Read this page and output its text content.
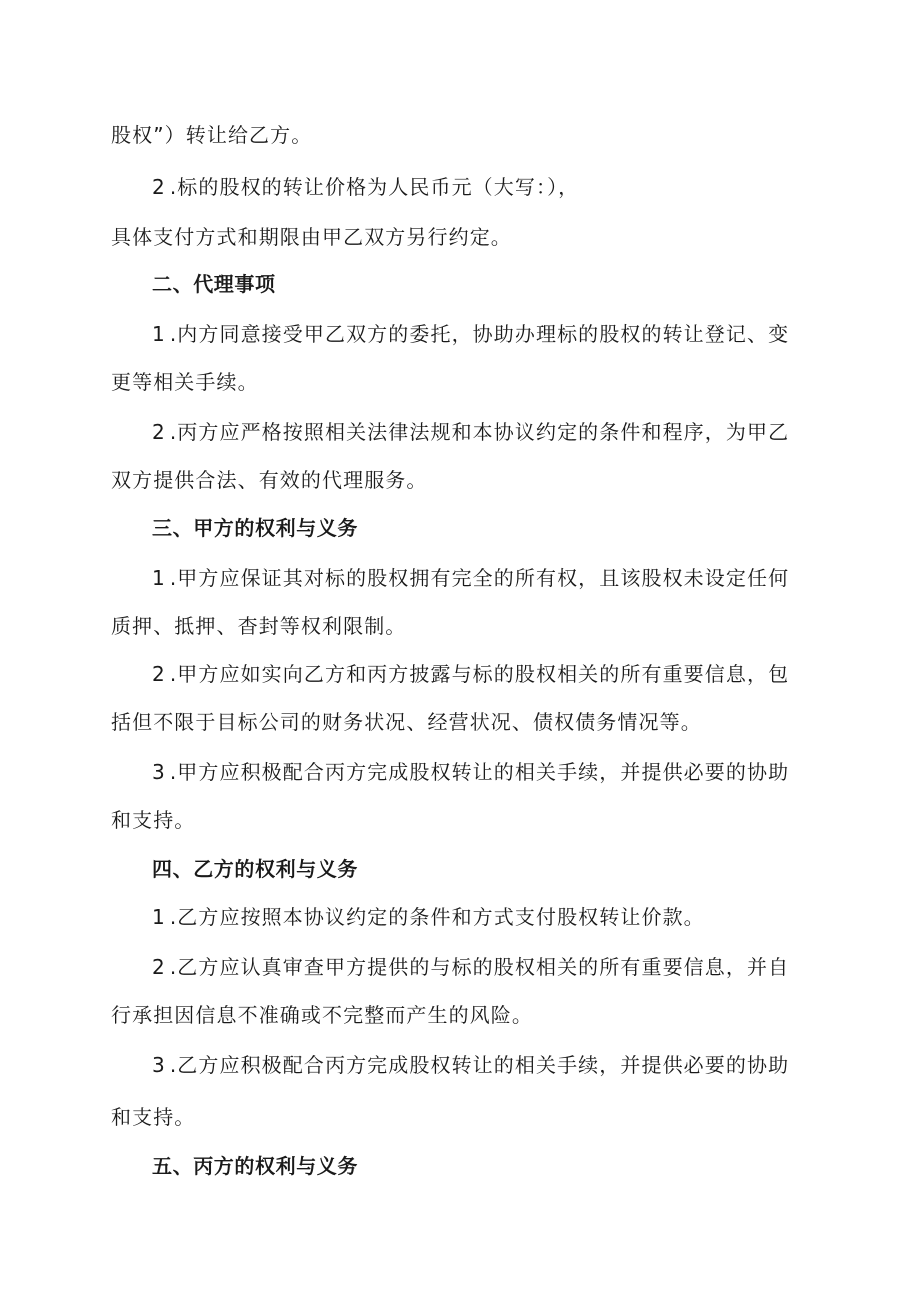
股权”）转让给乙方。
2 .标的股权的转让价格为人民币元（大写：），
具体支付方式和期限由甲乙双方另行约定。
二、代理事项
1 .内方同意接受甲乙双方的委托，协助办理标的股权的转让登记、变
更等相关手续。
2 .丙方应严格按照相关法律法规和本协议约定的条件和程序，为甲乙
双方提供合法、有效的代理服务。
三、甲方的权利与义务
1 .甲方应保证其对标的股权拥有完全的所有权，且该股权未设定任何
质押、抵押、杳封等权利限制。
2 .甲方应如实向乙方和丙方披露与标的股权相关的所有重要信息，包
括但不限于目标公司的财务状况、经营状况、债权债务情况等。
3 .甲方应积极配合丙方完成股权转让的相关手续，并提供必要的协助
和支持。
四、乙方的权利与义务
1 .乙方应按照本协议约定的条件和方式支付股权转让价款。
2 .乙方应认真审查甲方提供的与标的股权相关的所有重要信息，并自
行承担因信息不准确或不完整而产生的风险。
3 .乙方应积极配合丙方完成股权转让的相关手续，并提供必要的协助
和支持。
五、丙方的权利与义务
